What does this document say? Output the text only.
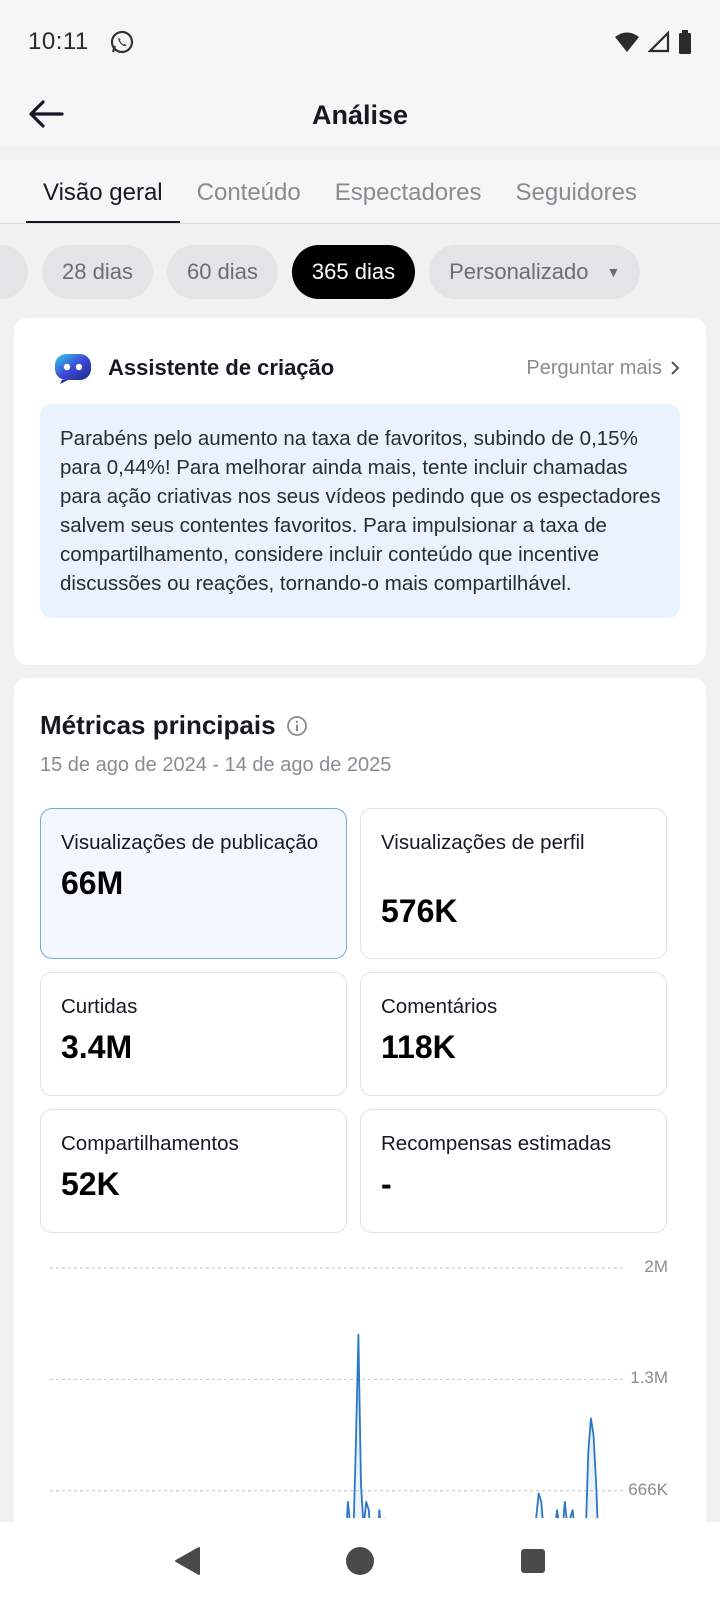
10:11
Análise
Visão geral	Conteúdo	Espectadores	Seguidores
28 dias	60 dias	365 dias	Personalizado ▼
Assistente de criação	Perguntar mais
Parabéns pelo aumento na taxa de favoritos, subindo de 0,15% para 0,44%! Para melhorar ainda mais, tente incluir chamadas para ação criativas nos seus vídeos pedindo que os espectadores salvem seus contentes favoritos. Para impulsionar a taxa de compartilhamento, considere incluir conteúdo que incentive discussões ou reações, tornando-o mais compartilhável.
Métricas principais
15 de ago de 2024 - 14 de ago de 2025
Visualizações de publicação
66M
Visualizações de perfil
576K
Curtidas
3.4M
Comentários
118K
Compartilhamentos
52K
Recompensas estimadas
-
2M
1.3M
666K
